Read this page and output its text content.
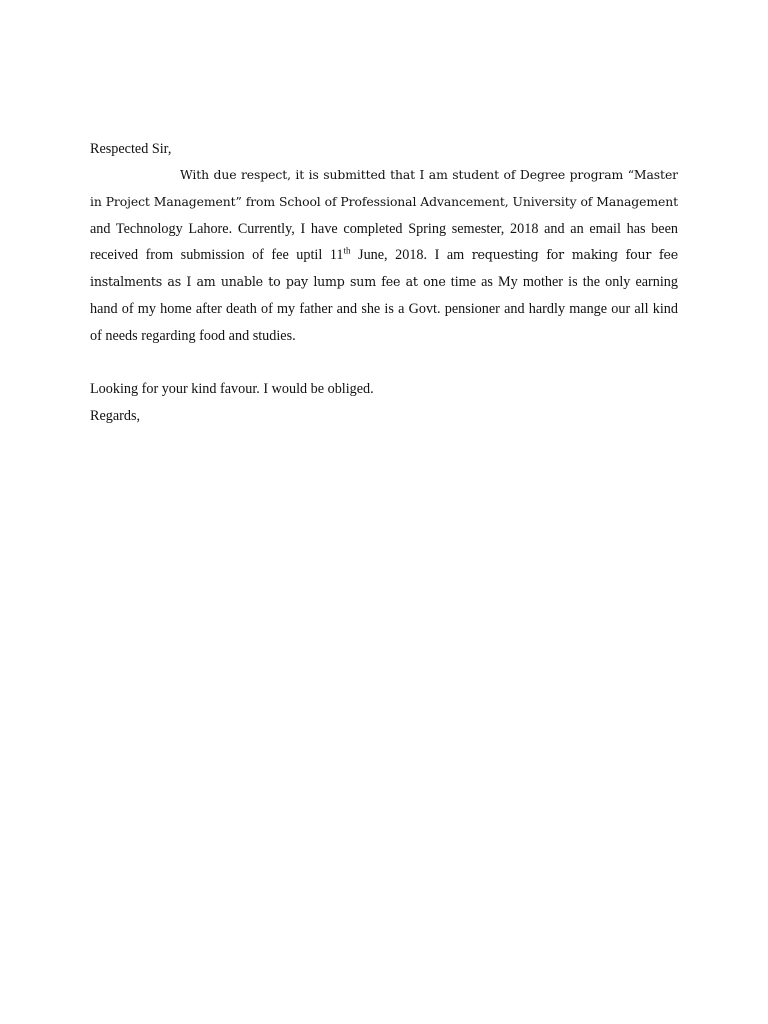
Respected Sir,

With due respect, it is submitted that I am student of Degree program “Master in Project Management” from School of Professional Advancement, University of Management and Technology Lahore. Currently, I have completed Spring semester, 2018 and an email has been received from submission of fee uptil 11th June, 2018. I am requesting for making four fee instalments as I am unable to pay lump sum fee at one time as My mother is the only earning hand of my home after death of my father and she is a Govt. pensioner and hardly mange our all kind of needs regarding food and studies.

Looking for your kind favour. I would be obliged.

Regards,
